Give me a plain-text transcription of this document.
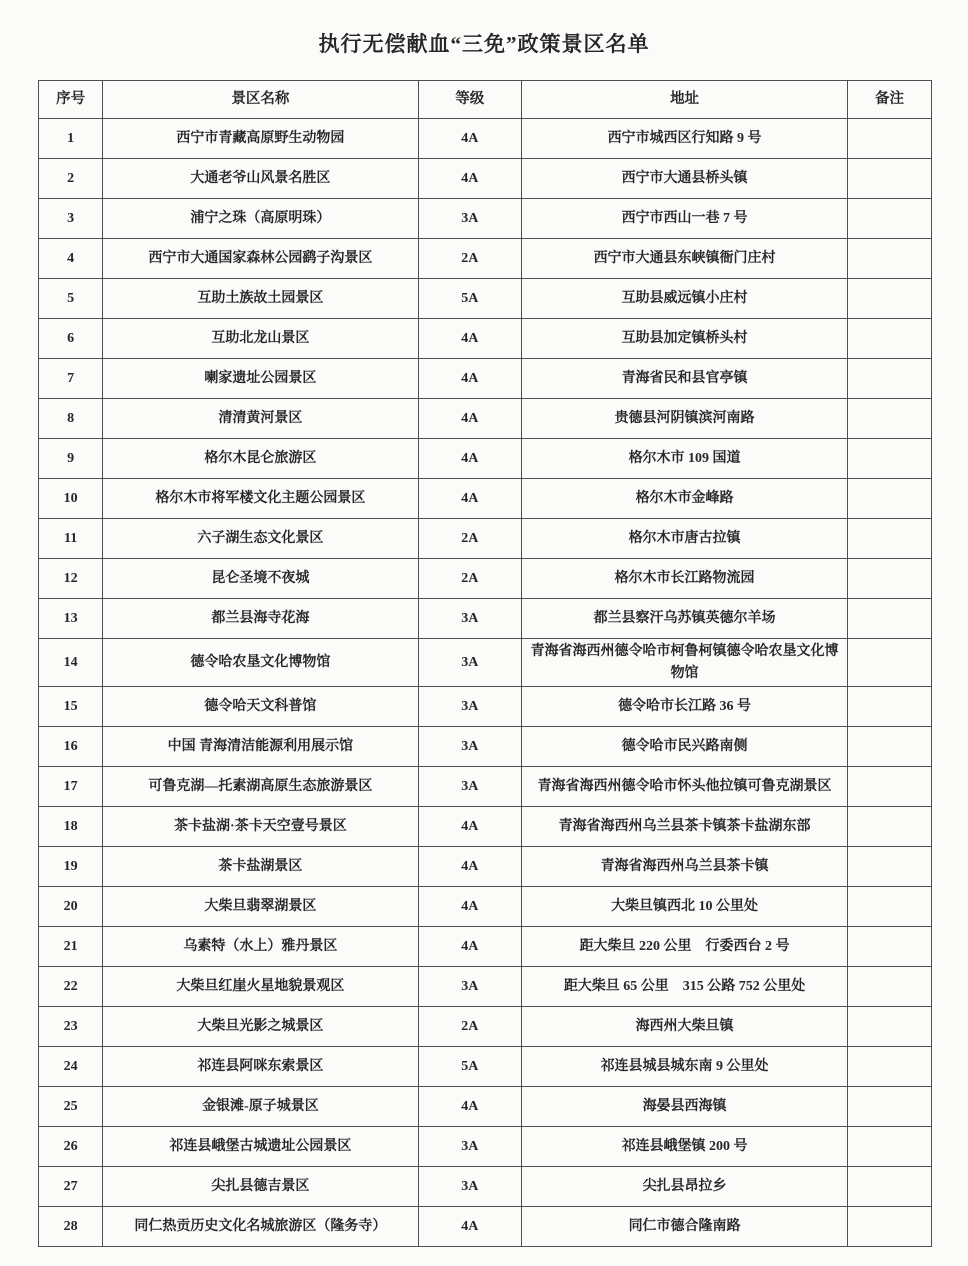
执行无偿献血“三免”政策景区名单
序号	景区名称	等级	地址	备注
1	西宁市青藏高原野生动物园	4A	西宁市城西区行知路 9 号	
2	大通老爷山风景名胜区	4A	西宁市大通县桥头镇	
3	浦宁之珠（高原明珠）	3A	西宁市西山一巷 7 号	
4	西宁市大通国家森林公园鹞子沟景区	2A	西宁市大通县东峡镇衙门庄村	
5	互助土族故土园景区	5A	互助县威远镇小庄村	
6	互助北龙山景区	4A	互助县加定镇桥头村	
7	喇家遗址公园景区	4A	青海省民和县官亭镇	
8	清清黄河景区	4A	贵德县河阴镇滨河南路	
9	格尔木昆仑旅游区	4A	格尔木市 109 国道	
10	格尔木市将军楼文化主题公园景区	4A	格尔木市金峰路	
11	六子湖生态文化景区	2A	格尔木市唐古拉镇	
12	昆仑圣境不夜城	2A	格尔木市长江路物流园	
13	都兰县海寺花海	3A	都兰县察汗乌苏镇英德尔羊场	
14	德令哈农垦文化博物馆	3A	青海省海西州德令哈市柯鲁柯镇德令哈农垦文化博物馆	
15	德令哈天文科普馆	3A	德令哈市长江路 36 号	
16	中国 青海清洁能源利用展示馆	3A	德令哈市民兴路南侧	
17	可鲁克湖—托素湖高原生态旅游景区	3A	青海省海西州德令哈市怀头他拉镇可鲁克湖景区	
18	茶卡盐湖·茶卡天空壹号景区	4A	青海省海西州乌兰县茶卡镇茶卡盐湖东部	
19	茶卡盐湖景区	4A	青海省海西州乌兰县茶卡镇	
20	大柴旦翡翠湖景区	4A	大柴旦镇西北 10 公里处	
21	乌素特（水上）雅丹景区	4A	距大柴旦 220 公里　行委西台 2 号	
22	大柴旦红崖火星地貌景观区	3A	距大柴旦 65 公里　315 公路 752 公里处	
23	大柴旦光影之城景区	2A	海西州大柴旦镇	
24	祁连县阿咪东索景区	5A	祁连县城县城东南 9 公里处	
25	金银滩-原子城景区	4A	海晏县西海镇	
26	祁连县峨堡古城遗址公园景区	3A	祁连县峨堡镇 200 号	
27	尖扎县德吉景区	3A	尖扎县昂拉乡	
28	同仁热贡历史文化名城旅游区（隆务寺）	4A	同仁市德合隆南路	
